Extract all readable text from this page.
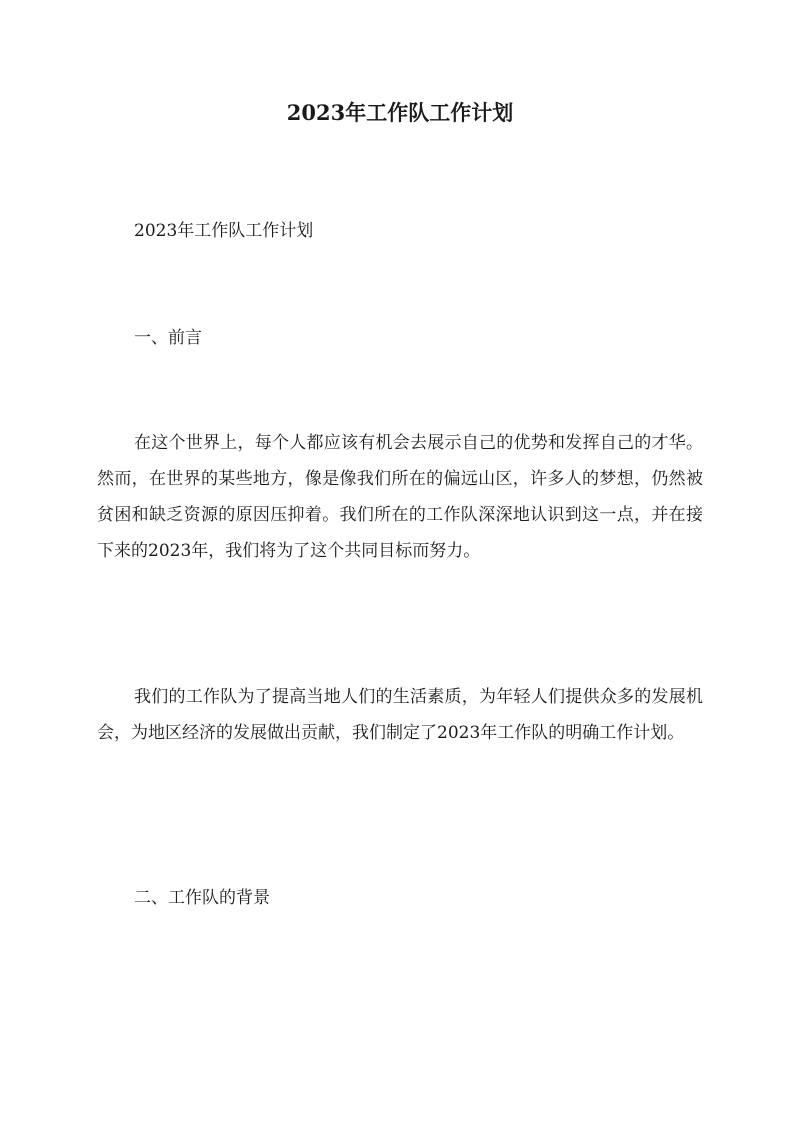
2023年工作队工作计划

2023年工作队工作计划

一、前言

在这个世界上，每个人都应该有机会去展示自己的优势和发挥自己的才华。然而，在世界的某些地方，像是像我们所在的偏远山区，许多人的梦想，仍然被贫困和缺乏资源的原因压抑着。我们所在的工作队深深地认识到这一点，并在接下来的2023年，我们将为了这个共同目标而努力。

我们的工作队为了提高当地人们的生活素质，为年轻人们提供众多的发展机会，为地区经济的发展做出贡献，我们制定了2023年工作队的明确工作计划。

二、工作队的背景
